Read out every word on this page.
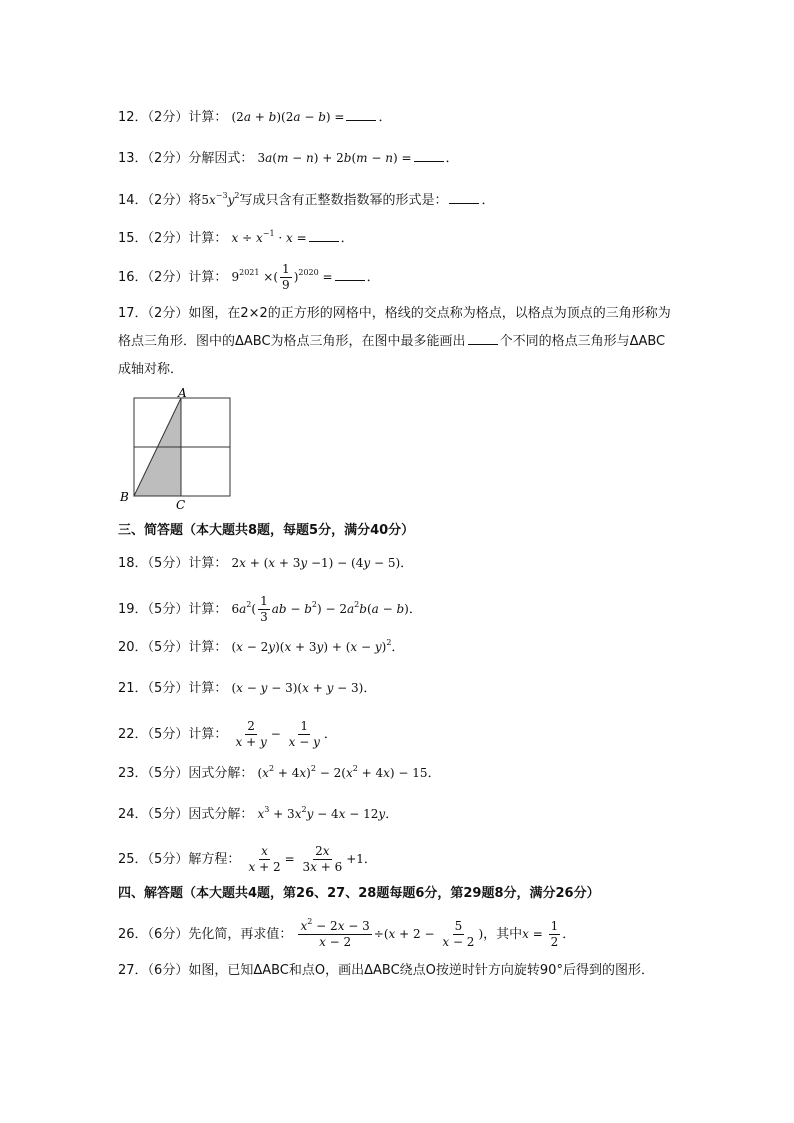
12．（2分）计算： (2a + b)(2a − b) =	．
13．（2分）分解因式： 3a(m − n) + 2b(m − n) =	．
14．（2分）将$5x^{-3}y^2$写成只含有正整数指数幂的形式是：	．
15．（2分）计算： $x \div x^{-1} \cdot x$ =	．
16．（2分）计算： $9^{2021}$ ×( $\frac{1}{9} )^{2020}$ =	．
17．（2分）如图，在2×2的正方形的网格中，格线的交点称为格点，以格点为顶点的三角形称为格点三角形．图中的ΔABC为格点三角形，在图中最多能画出	个不同的格点三角形与ΔABC成轴对称．
A
B
C
三、简答题（本大题共8题，每题5分，满分40分）
18．（5分）计算： 2x + (x + 3y −1) − (4y − 5)．
19．（5分）计算： $6a^2( \frac{1}{3}$ ab − $b^2) - 2a^2b(a - b)$．
20．（5分）计算： $(x - 2y)(x + 3y) + (x - y)^2$．
21．（5分）计算： (x − y − 3)(x + y − 3)．
22．（5分）计算： $\frac{2}{x + y} - \frac{1}{x - y}$ ．
23．（5分）因式分解： $(x^2 + 4x)^2 - 2(x^2 + 4x) - 15$．
24．（5分）因式分解： $x^3 + 3x^2y - 4x - 12y$．
25．（5分）解方程： $\frac{x}{x + 2} = \frac{2x}{3x + 6} +1$．
四、解答题（本大题共4题，第26、27、28题每题6分，第29题8分，满分26分）
26．（6分）先化简，再求值： $\frac{x^2 - 2x - 3}{x - 2} \div(x + 2 - \frac{5}{x - 2}$ )，其中$x = \frac{1}{2}$ ．
27．（6分）如图，已知ΔABC和点O，画出ΔABC绕点O按逆时针方向旋转90°后得到的图形．
